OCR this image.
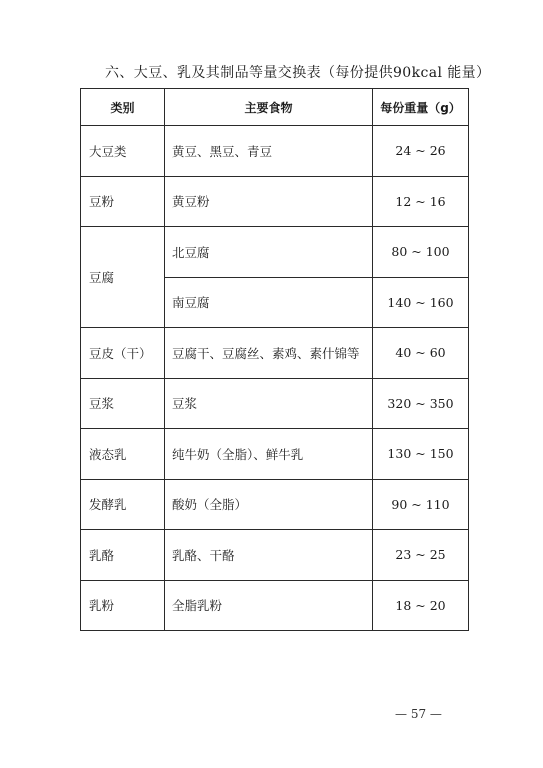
六、大豆、乳及其制品等量交换表（每份提供90kcal 能量）
类别	主要食物	每份重量（g）
大豆类	黄豆、黑豆、青豆	24 ~ 26
豆粉	黄豆粉	12 ~ 16
豆腐	北豆腐	80 ~ 100
	南豆腐	140 ~ 160
豆皮（干）	豆腐干、豆腐丝、素鸡、素什锦等	40 ~ 60
豆浆	豆浆	320 ~ 350
液态乳	纯牛奶（全脂）、鲜牛乳	130 ~ 150
发酵乳	酸奶（全脂）	90 ~ 110
乳酪	乳酪、干酪	23 ~ 25
乳粉	全脂乳粉	18 ~ 20
— 57 —
